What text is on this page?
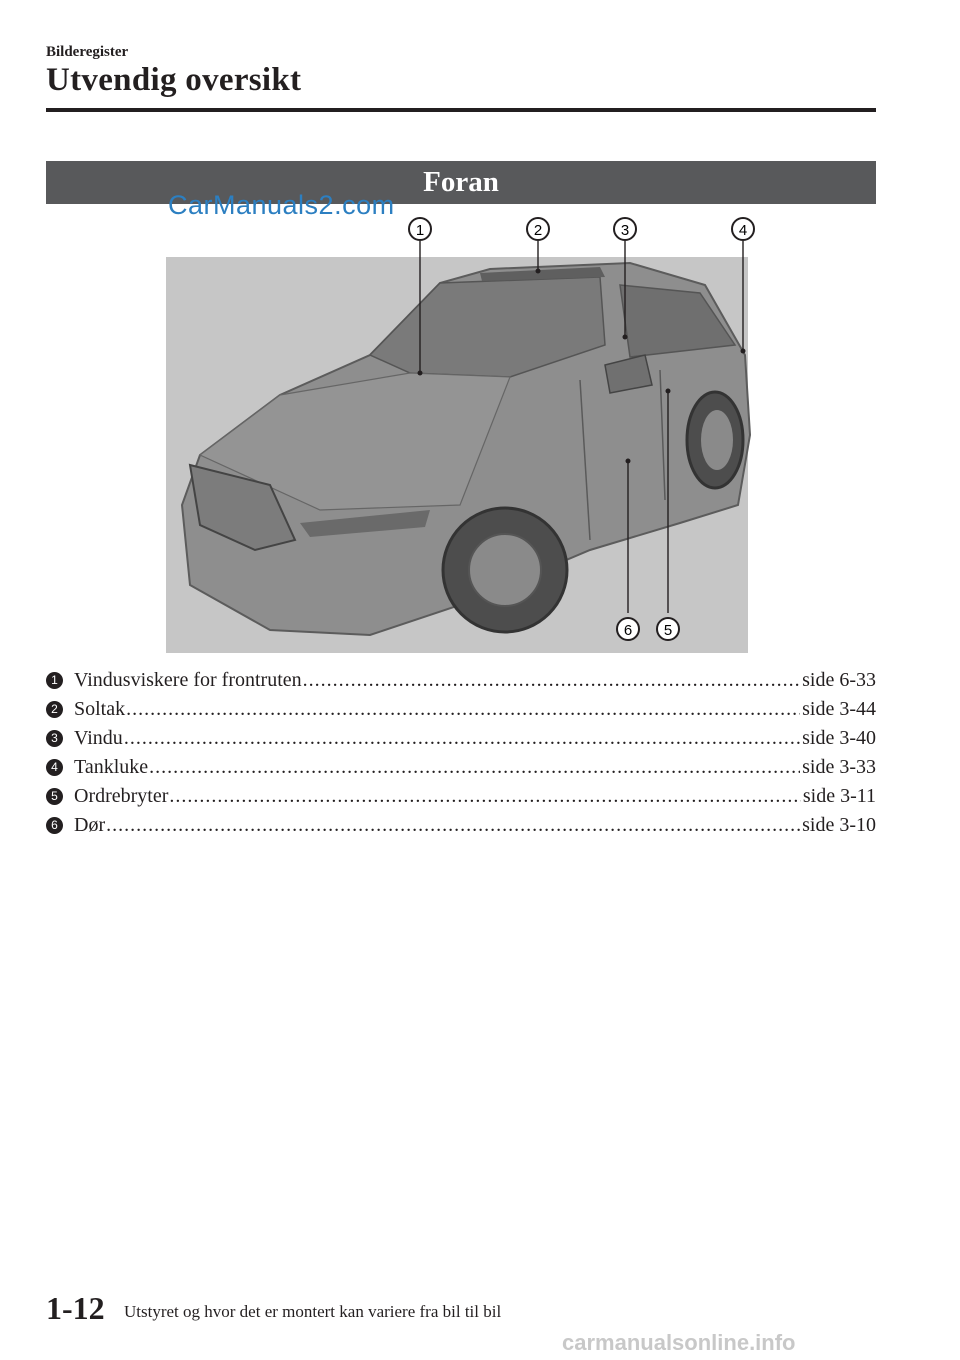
Bilderegister
Utvendig oversikt
Foran
CarManuals2.com
1	2	3	4
5
6
1 Vindusviskere for frontruten .....	side 6-33
2 Soltak .....	side 3-44
3 Vindu .....	side 3-40
4 Tankluke .....	side 3-33
5 Ordrebryter .....	side 3-11
6 Dør .....	side 3-10
1-12 Utstyret og hvor det er montert kan variere fra bil til bil
carmanualsonline.info
